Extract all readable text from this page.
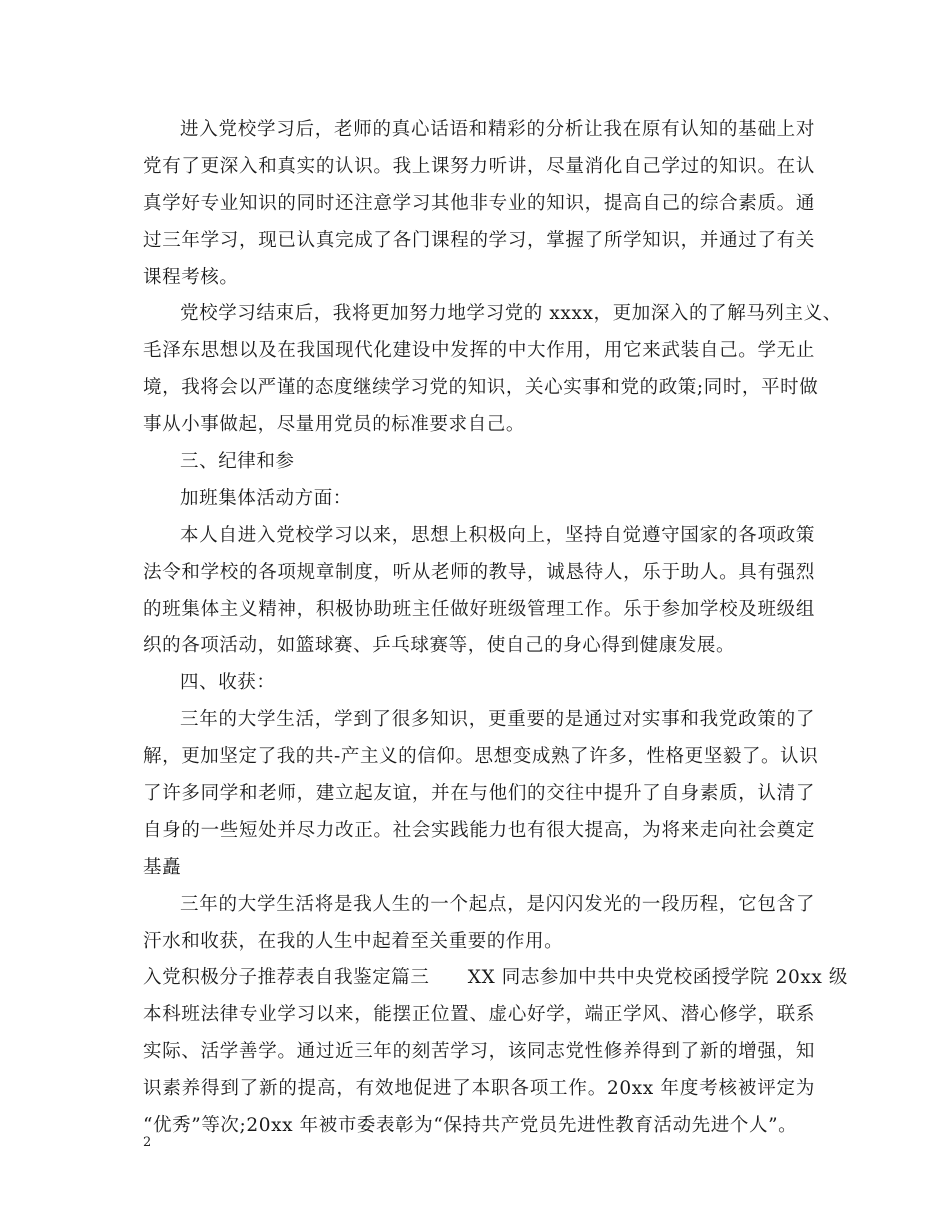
进入党校学习后，老师的真心话语和精彩的分析让我在原有认知的基础上对
党有了更深入和真实的认识。我上课努力听讲，尽量消化自己学过的知识。在认
真学好专业知识的同时还注意学习其他非专业的知识，提高自己的综合素质。通
过三年学习，现已认真完成了各门课程的学习，掌握了所学知识，并通过了有关
课程考核。
党校学习结束后，我将更加努力地学习党的 xxxx，更加深入的了解马列主义、
毛泽东思想以及在我国现代化建设中发挥的中大作用，用它来武装自己。学无止
境，我将会以严谨的态度继续学习党的知识，关心实事和党的政策;同时，平时做
事从小事做起，尽量用党员的标准要求自己。
三、纪律和参
加班集体活动方面：
本人自进入党校学习以来，思想上积极向上，坚持自觉遵守国家的各项政策
法令和学校的各项规章制度，听从老师的教导，诚恳待人，乐于助人。具有强烈
的班集体主义精神，积极协助班主任做好班级管理工作。乐于参加学校及班级组
织的各项活动，如篮球赛、乒乓球赛等，使自己的身心得到健康发展。
四、收获：
三年的大学生活，学到了很多知识，更重要的是通过对实事和我党政策的了
解，更加坚定了我的共-产主义的信仰。思想变成熟了许多，性格更坚毅了。认识
了许多同学和老师，建立起友谊，并在与他们的交往中提升了自身素质，认清了
自身的一些短处并尽力改正。社会实践能力也有很大提高，为将来走向社会奠定
基矗
三年的大学生活将是我人生的一个起点，是闪闪发光的一段历程，它包含了
汗水和收获，在我的人生中起着至关重要的作用。
入党积极分子推荐表自我鉴定篇三　　XX 同志参加中共中央党校函授学院 20xx 级
本科班法律专业学习以来，能摆正位置、虚心好学，端正学风、潜心修学，联系
实际、活学善学。通过近三年的刻苦学习，该同志党性修养得到了新的增强，知
识素养得到了新的提高，有效地促进了本职各项工作。20xx 年度考核被评定为
“优秀”等次;20xx 年被市委表彰为“保持共产党员先进性教育活动先进个人”。
2
